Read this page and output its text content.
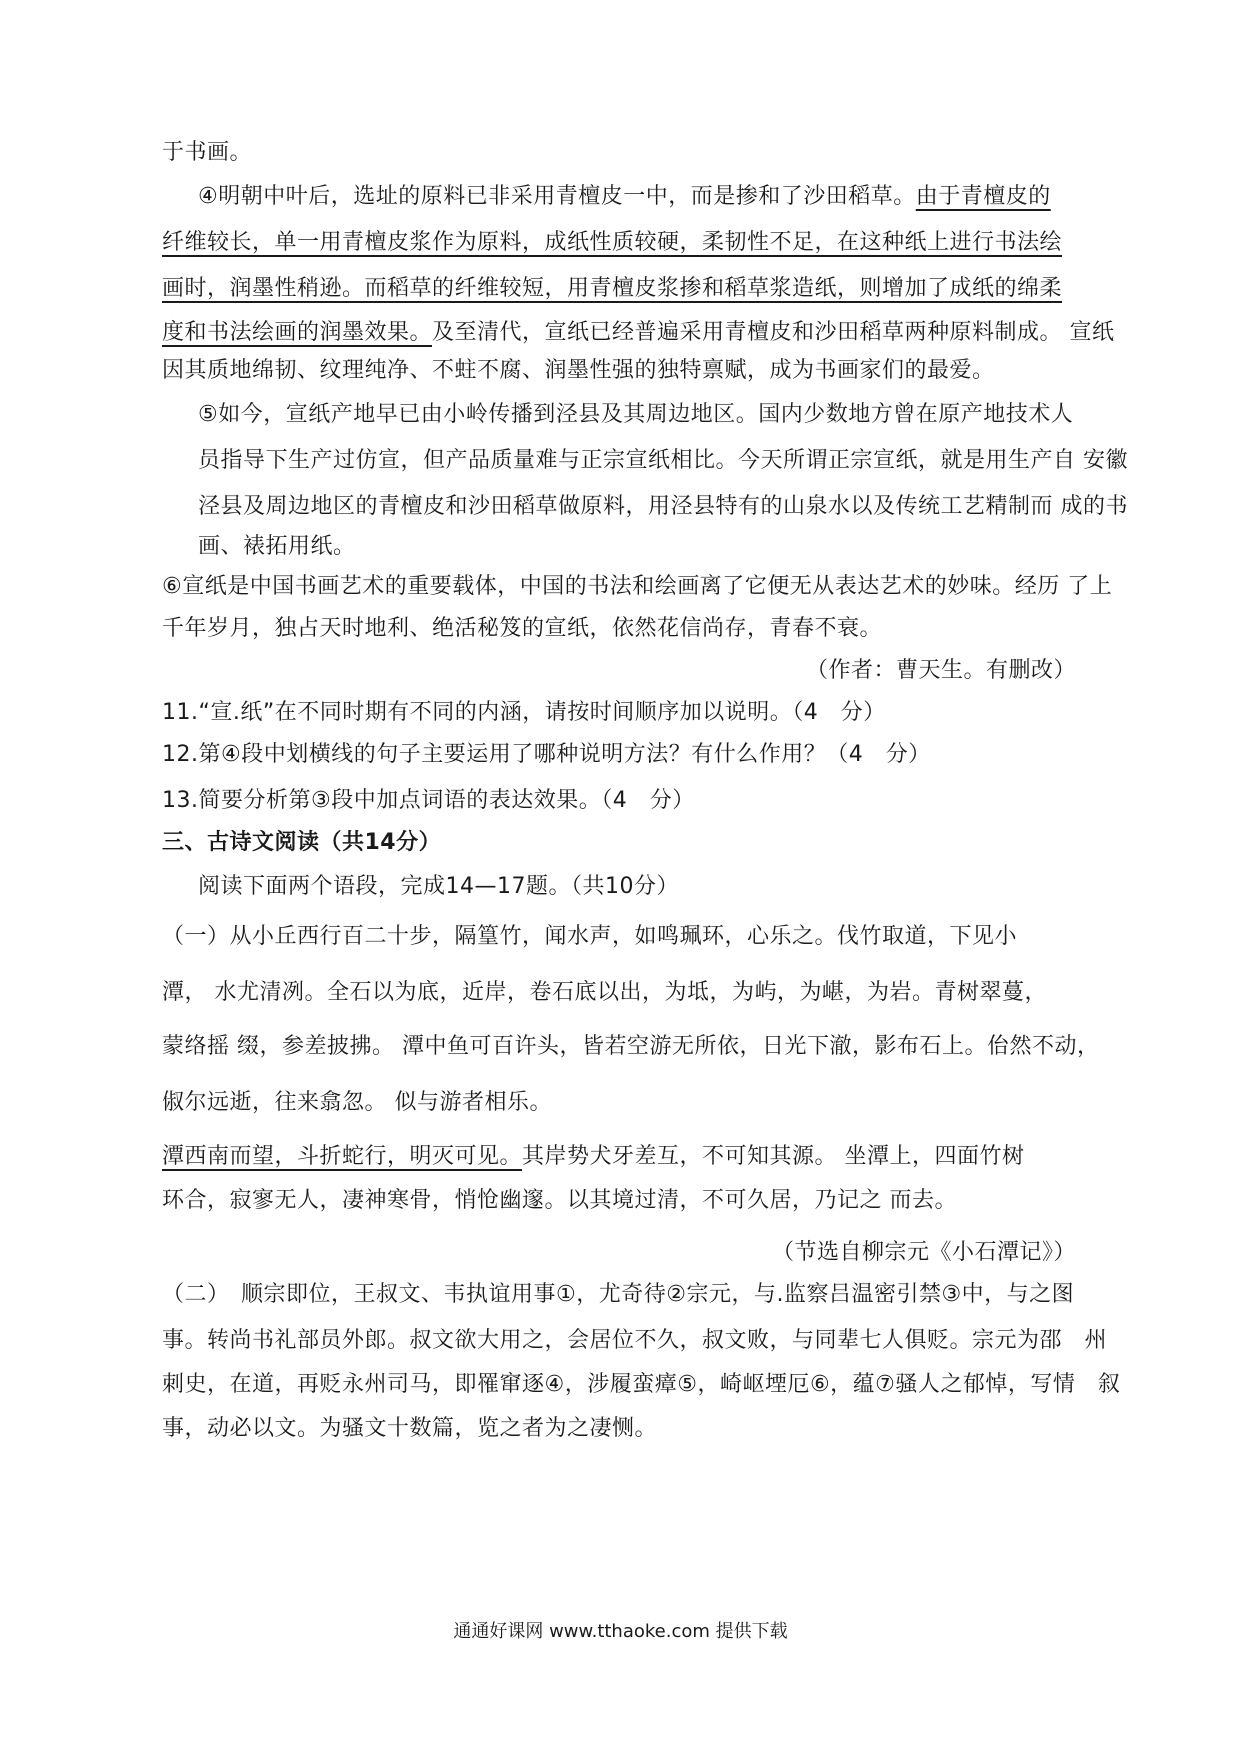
于书画。
④明朝中叶后，选址的原料已非采用青檀皮一中，而是掺和了沙田稻草。由于青檀皮的
纤维较长，单一用青檀皮浆作为原料，成纸性质较硬，柔韧性不足，在这种纸上进行书法绘
画时，润墨性稍逊。而稻草的纤维较短，用青檀皮浆掺和稻草浆造纸，则增加了成纸的绵柔
度和书法绘画的润墨效果。及至清代，宣纸已经普遍采用青檀皮和沙田稻草两种原料制成。 宣纸
因其质地绵韧、纹理纯净、不蛀不腐、润墨性强的独特禀赋，成为书画家们的最爱。
⑤如今，宣纸产地早已由小岭传播到泾县及其周边地区。国内少数地方曾在原产地技术人
员指导下生产过仿宣，但产品质量难与正宗宣纸相比。今天所谓正宗宣纸，就是用生产自 安徽
泾县及周边地区的青檀皮和沙田稻草做原料，用泾县特有的山泉水以及传统工艺精制而 成的书
画、裱拓用纸。
⑥宣纸是中国书画艺术的重要载体，中国的书法和绘画离了它便无从表达艺术的妙味。经历 了上
千年岁月，独占天时地利、绝活秘笈的宣纸，依然花信尚存，青春不衰。
（作者：曹天生。有删改）
11.“宣.纸”在不同时期有不同的内涵，请按时间顺序加以说明。（4　分）
12.第④段中划横线的句子主要运用了哪种说明方法？有什么作用？（4　分）
13.简要分析第③段中加点词语的表达效果。（4　分）
三、古诗文阅读（共14分）
阅读下面两个语段，完成14—17题。（共10分）
（一）从小丘西行百二十步，隔篁竹，闻水声，如鸣珮环，心乐之。伐竹取道，下见小
潭， 水尤清冽。全石以为底，近岸，卷石底以出，为坻，为屿，为嵁，为岩。青树翠蔓，
蒙络摇 缀，参差披拂。 潭中鱼可百许头，皆若空游无所依，日光下澈，影布石上。佁然不动，
俶尔远逝，往来翕忽。 似与游者相乐。
潭西南而望，斗折蛇行，明灭可见。其岸势犬牙差互，不可知其源。 坐潭上，四面竹树
环合，寂寥无人，凄神寒骨，悄怆幽邃。以其境过清，不可久居，乃记之 而去。
（节选自柳宗元《小石潭记》）
（二）　顺宗即位，王叔文、韦执谊用事①，尤奇待②宗元，与.监察吕温密引禁③中，与之图
事。转尚书礼部员外郎。叔文欲大用之，会居位不久，叔文败，与同辈七人俱贬。宗元为邵　州
刺史，在道，再贬永州司马，即罹窜逐④，涉履蛮瘴⑤，崎岖堙厄⑥，蕴⑦骚人之郁悼，写情　叙
事，动必以文。为骚文十数篇，览之者为之凄恻。
通通好课网 www.tthaoke.com 提供下载
